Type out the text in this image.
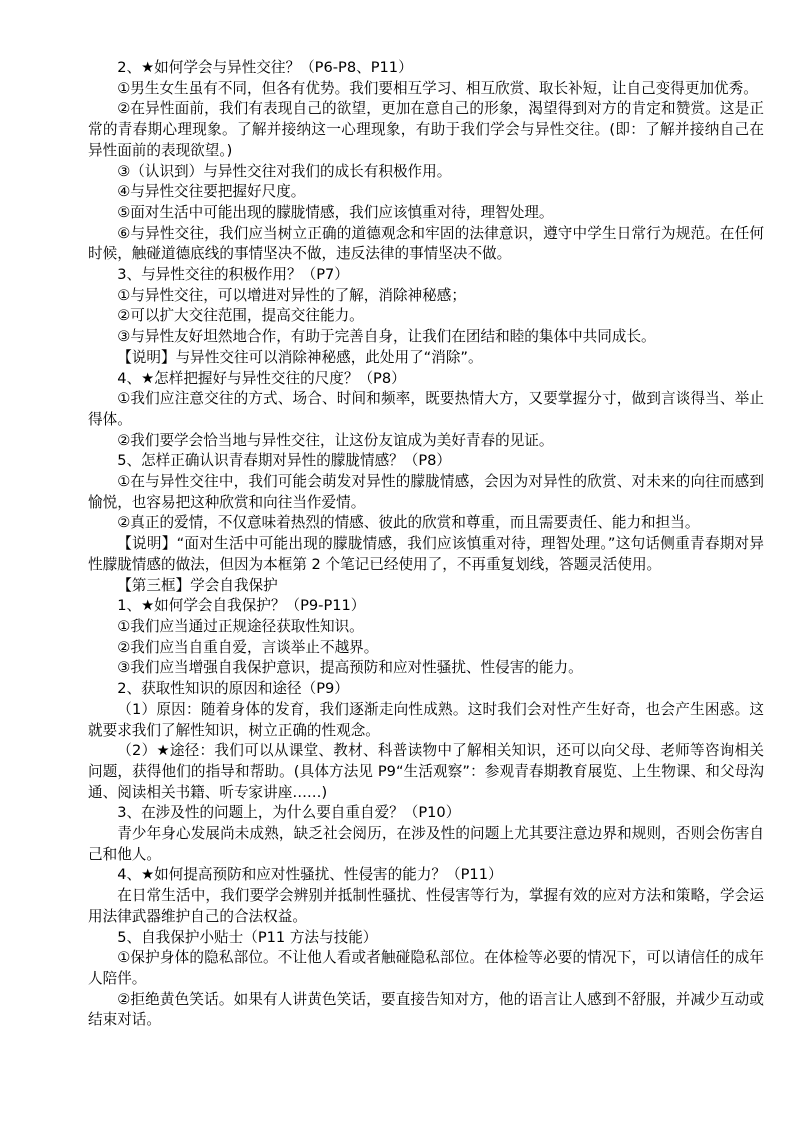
2、★如何学会与异性交往？（P6-P8、P11）

①男生女生虽有不同，但各有优势。我们要相互学习、相互欣赏、取长补短，让自己变得更加优秀。

②在异性面前，我们有表现自己的欲望，更加在意自己的形象，渴望得到对方的肯定和赞赏。这是正常的青春期心理现象。了解并接纳这一心理现象，有助于我们学会与异性交往。(即：了解并接纳自己在异性面前的表现欲望。)

③（认识到）与异性交往对我们的成长有积极作用。

④与异性交往要把握好尺度。

⑤面对生活中可能出现的朦胧情感，我们应该慎重对待，理智处理。

⑥与异性交往，我们应当树立正确的道德观念和牢固的法律意识，遵守中学生日常行为规范。在任何时候，触碰道德底线的事情坚决不做，违反法律的事情坚决不做。

3、与异性交往的积极作用？（P7）

①与异性交往，可以增进对异性的了解，消除神秘感；

②可以扩大交往范围，提高交往能力。

③与异性友好坦然地合作，有助于完善自身，让我们在团结和睦的集体中共同成长。

【说明】与异性交往可以消除神秘感，此处用了“消除”。

4、★怎样把握好与异性交往的尺度？（P8）

①我们应注意交往的方式、场合、时间和频率，既要热情大方，又要掌握分寸，做到言谈得当、举止得体。

②我们要学会恰当地与异性交往，让这份友谊成为美好青春的见证。

5、怎样正确认识青春期对异性的朦胧情感？（P8）

①在与异性交往中，我们可能会萌发对异性的朦胧情感，会因为对异性的欣赏、对未来的向往而感到愉悦，也容易把这种欣赏和向往当作爱情。

②真正的爱情，不仅意味着热烈的情感、彼此的欣赏和尊重，而且需要责任、能力和担当。

【说明】“面对生活中可能出现的朦胧情感，我们应该慎重对待，理智处理。”这句话侧重青春期对异性朦胧情感的做法，但因为本框第 2 个笔记已经使用了，不再重复划线，答题灵活使用。

【第三框】学会自我保护

1、★如何学会自我保护？（P9-P11）

①我们应当通过正规途径获取性知识。

②我们应当自重自爱，言谈举止不越界。

③我们应当增强自我保护意识，提高预防和应对性骚扰、性侵害的能力。

2、获取性知识的原因和途径（P9）

（1）原因：随着身体的发育，我们逐渐走向性成熟。这时我们会对性产生好奇，也会产生困惑。这就要求我们了解性知识，树立正确的性观念。

（2）★途径：我们可以从课堂、教材、科普读物中了解相关知识，还可以向父母、老师等咨询相关问题，获得他们的指导和帮助。(具体方法见 P9“生活观察”：参观青春期教育展览、上生物课、和父母沟通、阅读相关书籍、听专家讲座……)

3、在涉及性的问题上，为什么要自重自爱？（P10）

青少年身心发展尚未成熟，缺乏社会阅历，在涉及性的问题上尤其要注意边界和规则，否则会伤害自己和他人。

4、★如何提高预防和应对性骚扰、性侵害的能力？（P11）

在日常生活中，我们要学会辨别并抵制性骚扰、性侵害等行为，掌握有效的应对方法和策略，学会运用法律武器维护自己的合法权益。

5、自我保护小贴士（P11 方法与技能）

①保护身体的隐私部位。不让他人看或者触碰隐私部位。在体检等必要的情况下，可以请信任的成年人陪伴。

②拒绝黄色笑话。如果有人讲黄色笑话，要直接告知对方，他的语言让人感到不舒服，并减少互动或结束对话。
